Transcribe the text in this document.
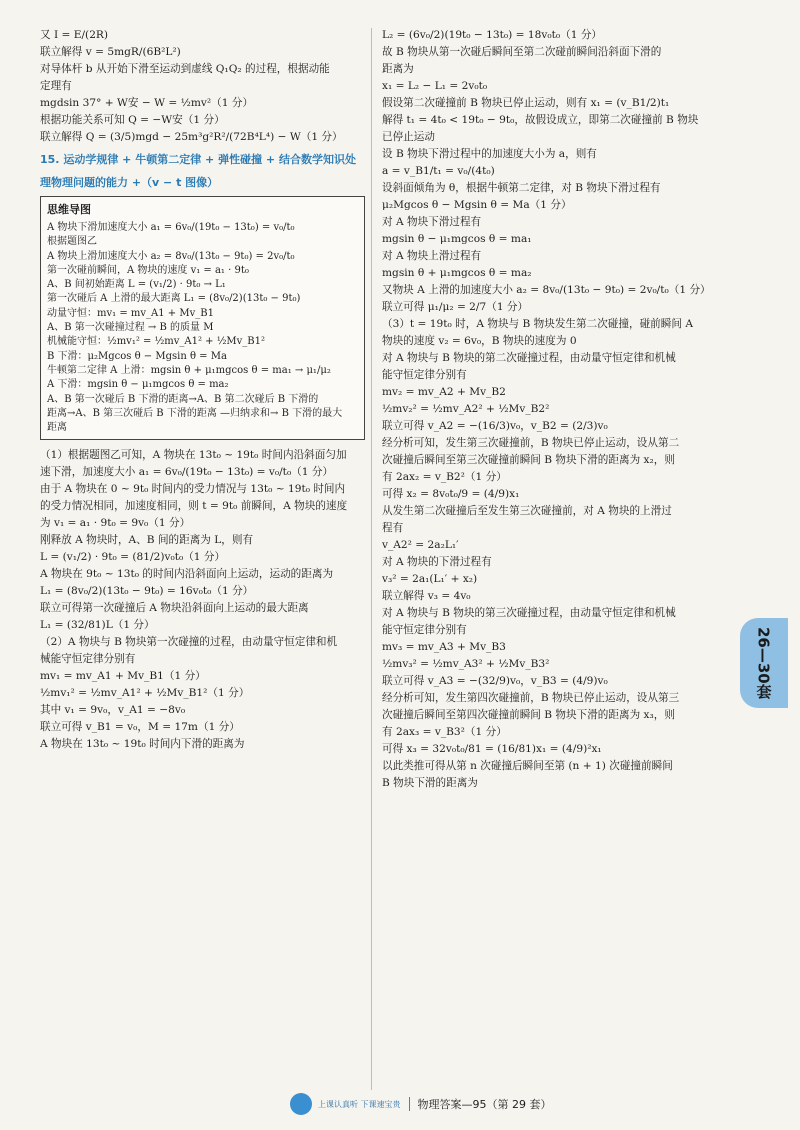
又 I = E/(2R)
联立解得 v = 5mgR/(6B²L²)
对导体杆 b 从开始下滑至运动到虚线 Q₁Q₂ 的过程，根据动能
定理有
mgdsin 37° + W安 − W = ½mv²（1 分）
根据功能关系可知 Q = −W安（1 分）
联立解得 Q = (3/5)mgd − 25m³g²R²/(72B⁴L⁴) − W（1 分）
15. 运动学规律 + 牛顿第二定律 + 弹性碰撞 + 结合数学知识处
理物理问题的能力 +（v − t 图像）
思维导图
A 物块下滑加速度大小 a₁ = 6v₀/(19t₀ − 13t₀) = v₀/t₀
根据题图乙
A 物块上滑加速度大小 a₂ = 8v₀/(13t₀ − 9t₀) = 2v₀/t₀
第一次碰前瞬间，A 物块的速度 v₁ = a₁ · 9t₀
A、B 间初始距离 L = (v₁/2) · 9t₀ → L₁
第一次碰后 A 上滑的最大距离 L₁ = (8v₀/2)(13t₀ − 9t₀)
动量守恒：mv₁ = mv_A1 + Mv_B1
A、B 第一次碰撞过程 → B 的质量 M
机械能守恒：½mv₁² = ½mv_A1² + ½Mv_B1²
B 下滑：μ₂Mgcos θ − Mgsin θ = Ma
牛顿第二定律 A 上滑：mgsin θ + μ₁mgcos θ = ma₁ → μ₁/μ₂
A 下滑：mgsin θ − μ₁mgcos θ = ma₂
A、B 第一次碰后 B 下滑的距离→A、B 第二次碰后 B 下滑的
距离→A、B 第三次碰后 B 下滑的距离 —归纳求和→ B 下滑的最大
距离
（1）根据题图乙可知，A 物块在 13t₀ ~ 19t₀ 时间内沿斜面匀加
速下滑，加速度大小 a₁ = 6v₀/(19t₀ − 13t₀) = v₀/t₀（1 分）
由于 A 物块在 0 ~ 9t₀ 时间内的受力情况与 13t₀ ~ 19t₀ 时间内
的受力情况相同，加速度相同，则 t = 9t₀ 前瞬间，A 物块的速度
为 v₁ = a₁ · 9t₀ = 9v₀（1 分）
刚释放 A 物块时，A、B 间的距离为 L，则有
L = (v₁/2) · 9t₀ = (81/2)v₀t₀（1 分）
A 物块在 9t₀ ~ 13t₀ 的时间内沿斜面向上运动，运动的距离为
L₁ = (8v₀/2)(13t₀ − 9t₀) = 16v₀t₀（1 分）
联立可得第一次碰撞后 A 物块沿斜面向上运动的最大距离
L₁ = (32/81)L（1 分）
（2）A 物块与 B 物块第一次碰撞的过程，由动量守恒定律和机
械能守恒定律分别有
mv₁ = mv_A1 + Mv_B1（1 分）
½mv₁² = ½mv_A1² + ½Mv_B1²（1 分）
其中 v₁ = 9v₀，v_A1 = −8v₀
联立可得 v_B1 = v₀，M = 17m（1 分）
A 物块在 13t₀ ~ 19t₀ 时间内下滑的距离为
L₂ = (6v₀/2)(19t₀ − 13t₀) = 18v₀t₀（1 分）
故 B 物块从第一次碰后瞬间至第二次碰前瞬间沿斜面下滑的
距离为
x₁ = L₂ − L₁ = 2v₀t₀
假设第二次碰撞前 B 物块已停止运动，则有 x₁ = (v_B1/2)t₁
解得 t₁ = 4t₀ < 19t₀ − 9t₀，故假设成立，即第二次碰撞前 B 物块
已停止运动
设 B 物块下滑过程中的加速度大小为 a，则有
a = v_B1/t₁ = v₀/(4t₀)
设斜面倾角为 θ，根据牛顿第二定律，对 B 物块下滑过程有
μ₂Mgcos θ − Mgsin θ = Ma（1 分）
对 A 物块下滑过程有
mgsin θ − μ₁mgcos θ = ma₁
对 A 物块上滑过程有
mgsin θ + μ₁mgcos θ = ma₂
又物块 A 上滑的加速度大小 a₂ = 8v₀/(13t₀ − 9t₀) = 2v₀/t₀（1 分）
联立可得 μ₁/μ₂ = 2/7（1 分）
（3）t = 19t₀ 时，A 物块与 B 物块发生第二次碰撞，碰前瞬间 A
物块的速度 v₂ = 6v₀，B 物块的速度为 0
对 A 物块与 B 物块的第二次碰撞过程，由动量守恒定律和机械
能守恒定律分别有
mv₂ = mv_A2 + Mv_B2
½mv₂² = ½mv_A2² + ½Mv_B2²
联立可得 v_A2 = −(16/3)v₀，v_B2 = (2/3)v₀
经分析可知，发生第三次碰撞前，B 物块已停止运动，设从第二
次碰撞后瞬间至第三次碰撞前瞬间 B 物块下滑的距离为 x₂，则
有 2ax₂ = v_B2²（1 分）
可得 x₂ = 8v₀t₀/9 = (4/9)x₁
从发生第二次碰撞后至发生第三次碰撞前，对 A 物块的上滑过
程有
v_A2² = 2a₂L₁′
对 A 物块的下滑过程有
v₃² = 2a₁(L₁′ + x₂)
联立解得 v₃ = 4v₀
对 A 物块与 B 物块的第三次碰撞过程，由动量守恒定律和机械
能守恒定律分别有
mv₃ = mv_A3 + Mv_B3
½mv₃² = ½mv_A3² + ½Mv_B3²
联立可得 v_A3 = −(32/9)v₀，v_B3 = (4/9)v₀
经分析可知，发生第四次碰撞前，B 物块已停止运动，设从第三
次碰撞后瞬间至第四次碰撞前瞬间 B 物块下滑的距离为 x₃，则
有 2ax₃ = v_B3²（1 分）
可得 x₃ = 32v₀t₀/81 = (16/81)x₁ = (4/9)²x₁
以此类推可得从第 n 次碰撞后瞬间至第 (n + 1) 次碰撞前瞬间
B 物块下滑的距离为
26—30套
上课认真听 下课速宝贵 物理答案—95（第 29 套）
